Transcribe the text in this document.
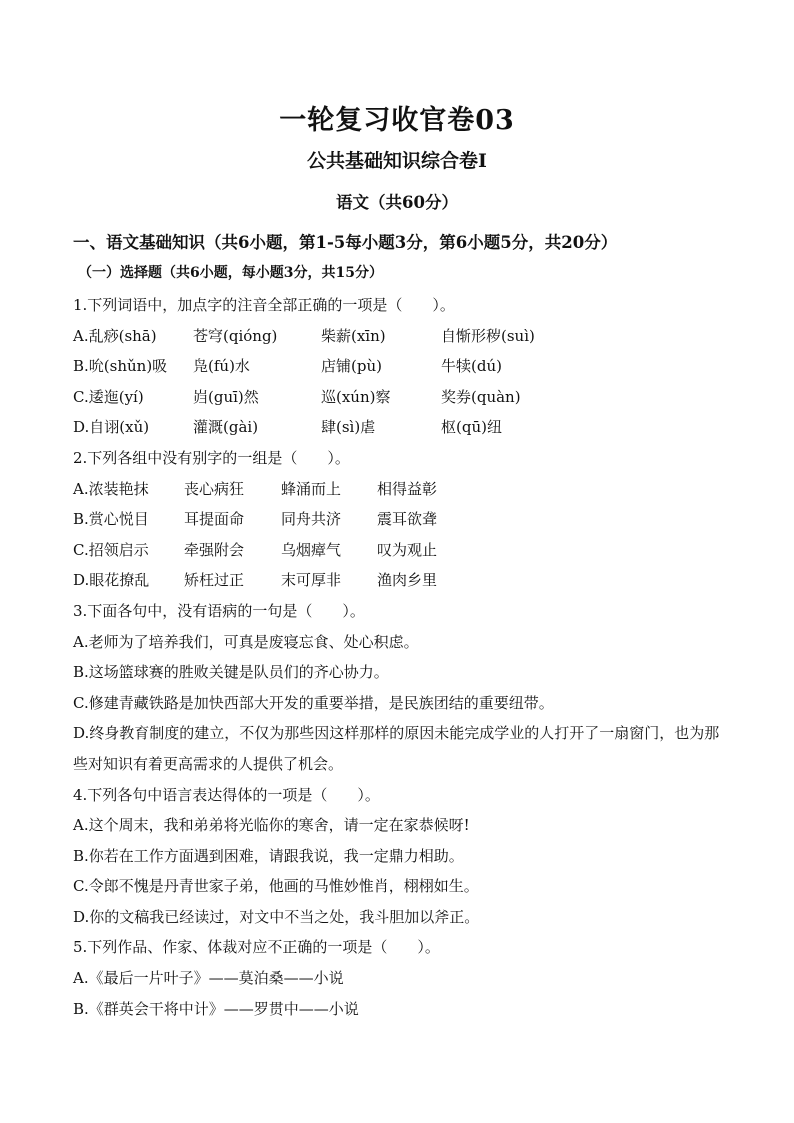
一轮复习收官卷03
公共基础知识综合卷Ⅰ
语文（共60分）
一、语文基础知识（共6小题，第1-5每小题3分，第6小题5分，共20分）
（一）选择题（共6小题，每小题3分，共15分）
1.下列词语中，加点字的注音全部正确的一项是（　　）。
A.乱痧(shā) 苍穹(qióng)	柴薪(xīn)	自惭形秽(suì)
B.吮(shǔn)吸 凫(fú)水	店铺(pù)	牛犊(dú)
C.逶迤(yí)	岿(guī)然	巡(xún)察	奖券(quàn)
D.自诩(xǔ)	灌溉(gài)	肆(sì)虐	枢(qū)纽
2.下列各组中没有别字的一组是（　　）。
A.浓装艳抹 丧心病狂 蜂涌而上 相得益彰
B.赏心悦目 耳提面命 同舟共济 震耳欲聋
C.招领启示 牵强附会 乌烟瘴气 叹为观止
D.眼花撩乱 矫枉过正 末可厚非 渔肉乡里
3.下面各句中，没有语病的一句是（　　）。
A.老师为了培养我们，可真是废寝忘食、处心积虑。
B.这场篮球赛的胜败关键是队员们的齐心协力。
C.修建青藏铁路是加快西部大开发的重要举措，是民族团结的重要纽带。
D.终身教育制度的建立，不仅为那些因这样那样的原因未能完成学业的人打开了一扇窗门，也为那些对知识有着更高需求的人提供了机会。
4.下列各句中语言表达得体的一项是（　　）。
A.这个周末，我和弟弟将光临你的寒舍，请一定在家恭候呀!
B.你若在工作方面遇到困难，请跟我说，我一定鼎力相助。
C.令郎不愧是丹青世家子弟，他画的马惟妙惟肖，栩栩如生。
D.你的文稿我已经读过，对文中不当之处，我斗胆加以斧正。
5.下列作品、作家、体裁对应不正确的一项是（　　）。
A.《最后一片叶子》——莫泊桑——小说
B.《群英会干将中计》——罗贯中——小说
